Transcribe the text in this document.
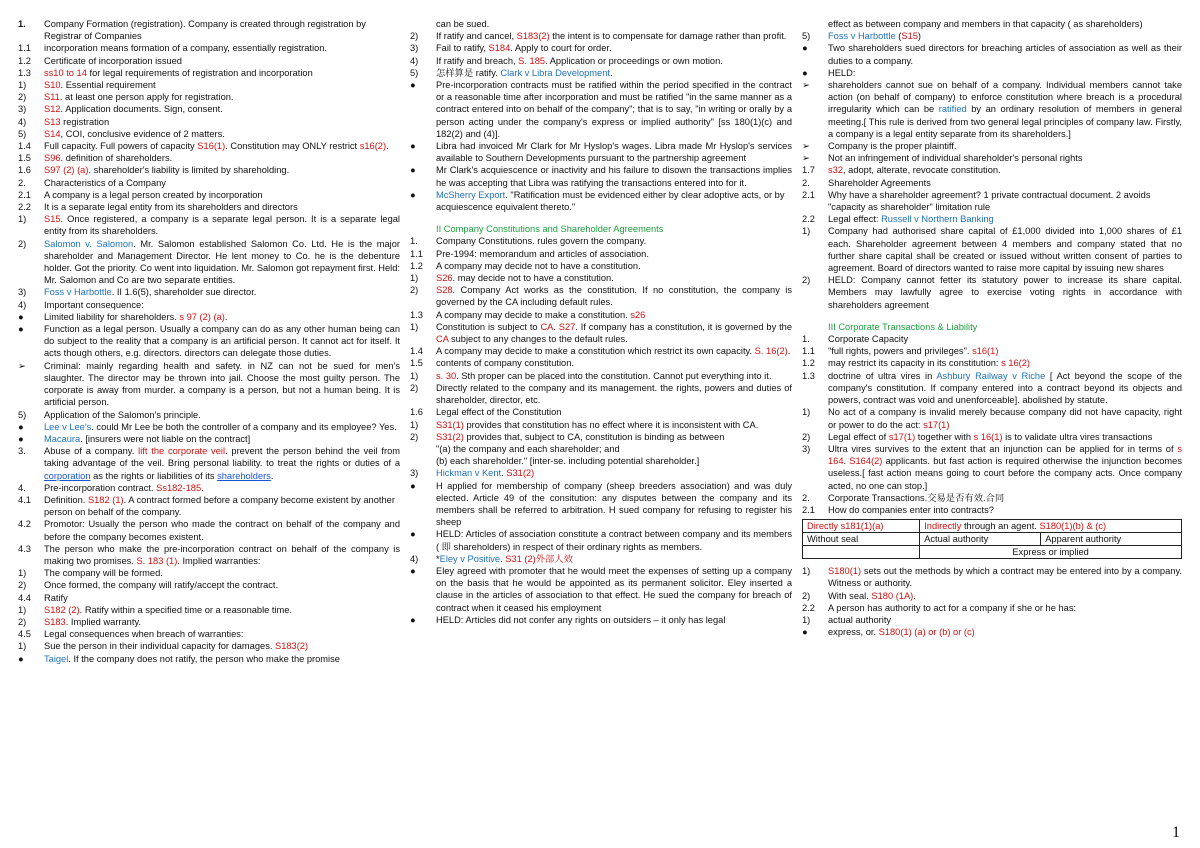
1.	Company Formation (registration). Company is created through registration by Registrar of Companies
1.1	incorporation means formation of a company, essentially registration.
1.2	Certificate of incorporation issued
1.3	ss10 to 14 for legal requirements of registration and incorporation
1)	S10. Essential requirement
2)	S11. at least one person apply for registration.
3)	S12. Application documents. Sign, consent.
4)	S13 registration
5)	S14, COI, conclusive evidence of 2 matters.
1.4	Full capacity. Full powers of capacity S16(1). Constitution may ONLY restrict s16(2).
1.5	S96. definition of shareholders.
1.6	S97 (2) (a). shareholder's liability is limited by shareholding.
2.	Characteristics of a Company
2.1	A company is a legal person created by incorporation
2.2	It is a separate legal entity from its shareholders and directors
1)	S15. Once registered, a company is a separate legal person. It is a separate legal entity from its shareholders.
2)	Salomon v. Salomon. Mr. Salomon established Salomon Co. Ltd. He is the major shareholder and Management Director. He lent money to Co. he is the debenture holder. Got the priority. Co went into liquidation. Mr. Salomon got repayment first. Held: Mr. Salomon and Co are two separate entities.
3)	Foss v Harbottle. II 1.6(5), shareholder sue director.
4)	Important consequence:
●	Limited liability for shareholders. s 97 (2) (a).
●	Function as a legal person. Usually a company can do as any other human being can do subject to the reality that a company is an artificial person. It cannot act for itself. It acts though others, e.g. directors. directors can delegate those duties.
➢	Criminal: mainly regarding health and safety. in NZ can not be sued for men's slaughter. The director may be thrown into jail. Choose the most guilty person. The corporate is away from murder. a company is a person, but not a human being. It is artificial person.
5)	Application of the Salomon's principle.
●	Lee v Lee's. could Mr Lee be both the controller of a company and its employee? Yes.
●	Macaura. [insurers were not liable on the contract]
3.	Abuse of a company. lift the corporate veil. prevent the person behind the veil from taking advantage of the veil. Bring personal liability. to treat the rights or duties of a corporation as the rights or liabilities of its shareholders.
4.	Pre-incorporation contract. Ss182-185.
4.1	Definition. S182 (1). A contract formed before a company become existent by another person on behalf of the company.
4.2	Promotor: Usually the person who made the contract on behalf of the company and before the company becomes existent.
4.3	The person who make the pre-incorporation contract on behalf of the company is making two promises. S. 183 (1). Implied warranties:
1)	The company will be formed.
2)	Once formed, the company will ratify/accept the contract.
4.4	Ratify
1)	S182 (2). Ratify within a specified time or a reasonable time.
2)	S183. Implied warranty.
4.5	Legal consequences when breach of warranties:
1)	Sue the person in their individual capacity for damages. S183(2)
●	Taigel. If the company does not ratify, the person who make the promise
can be sued.
2)	If ratify and cancel, S183(2) the intent is to compensate for damage rather than profit.
3)	Fail to ratify, S184. Apply to court for order.
4)	If ratify and breach, S. 185. Application or proceedings or own motion.
5)	怎样算是 ratify. Clark v Libra Development.
●	Pre-incorporation contracts must be ratified within the period specified in the contract or a reasonable time after incorporation and must be ratified "in the same manner as a contract entered into on behalf of the company"; that is to say, "in writing or orally by a person acting under the company's express or implied authority" [ss 180(1)(c) and 182(2) and (4)].
●	Libra had invoiced Mr Clark for Mr Hyslop's wages. Libra made Mr Hyslop's services available to Southern Developments pursuant to the partnership agreement
●	Mr Clark's acquiescence or inactivity and his failure to disown the transactions implies he was accepting that Libra was ratifying the transactions entered into for it.
●	McSherry Export. "Ratification must be evidenced either by clear adoptive acts, or by acquiescence equivalent thereto."
II Company Constitutions and Shareholder Agreements
1.	Company Constitutions. rules govern the company.
1.1	Pre-1994: memorandum and articles of association.
1.2	A company may decide not to have a constitution.
1)	S26. may decide not to have a constitution.
2)	S28. Company Act works as the constitution. If no constitution, the company is governed by the CA including default rules.
1.3	A company may decide to make a constitution. s26
1)	Constitution is subject to CA. S27. If company has a constitution, it is governed by the CA subject to any changes to the default rules.
1.4	A company may decide to make a constitution which restrict its own capacity. S. 16(2).
1.5	contents of company constitution.
1)	s. 30. Sth proper can be placed into the constitution. Cannot put everything into it.
2)	Directly related to the company and its management. the rights, powers and duties of shareholder, director, etc.
1.6	Legal effect of the Constitution
1)	S31(1) provides that constitution has no effect where it is inconsistent with CA.
2)	S31(2) provides that, subject to CA, constitution is binding as between
"(a) the company and each shareholder; and
(b) each shareholder." [inter-se. including potential shareholder.]
3)	Hickman v Kent. S31(2)
●	H applied for membership of company (sheep breeders association) and was duly elected. Article 49 of the consitution: any disputes between the company and its members shall be referred to arbitration. H sued company for refusing to register his sheep
●	HELD: Articles of association constitute a contract between company and its members ( 即 shareholders) in respect of their ordinary rights as members.
4)	*Eley v Positive. S31 (2)外部人效
●	Eley agreed with promoter that he would meet the expenses of setting up a company on the basis that he would be appointed as its permanent solicitor. Eley inserted a clause in the articles of association to that effect. He sued the company for breach of contract when it ceased his employment
●	HELD: Articles did not confer any rights on outsiders – it only has legal
effect as between company and members in that capacity ( as shareholders)
5)	Foss v Harbottle (S15)
●	Two shareholders sued directors for breaching articles of association as well as their duties to a company.
●	HELD:
➢	shareholders cannot sue on behalf of a company. Individual members cannot take action (on behalf of company) to enforce constitution where breach is a procedural irregularity which can be ratified by an ordinary resolution of members in general meeting.[ This rule is derived from two general legal principles of company law. Firstly, a company is a legal entity separate from its shareholders.]
➢	Company is the proper plaintiff.
➢	Not an infringement of individual shareholder's personal rights
1.7	s32, adopt, alterate, revocate constitution.
2.	Shareholder Agreements
2.1	Why have a shareholder agreement? 1 private contractual document. 2 avoids "capacity as shareholder" limitation rule
2.2	Legal effect: Russell v Northern Banking
1)	Company had authorised share capital of £1,000 divided into 1,000 shares of £1 each. Shareholder agreement between 4 members and company stated that no further share capital shall be created or issued without written consent of parties to agreement. Board of directors wanted to raise more capital by issuing new shares
2)	HELD: Company cannot fetter its statutory power to increase its share capital. Members may lawfully agree to exercise voting rights in accordance with shareholders agreement
III Corporate Transactions & Liability
1.	Corporate Capacity
1.1	"full rights, powers and privileges". s16(1)
1.2	may restrict its capacity in its constitution: s 16(2)
1.3	doctrine of ultra vires in Ashbury Railway v Riche [ Act beyond the scope of the company's constitution. If company entered into a contract beyond its objects and powers, contract was void and unenforceable]. abolished by statute.
1)	No act of a company is invalid merely because company did not have capacity, right or power to do the act: s17(1)
2)	Legal effect of s17(1) together with s 16(1) is to validate ultra vires transactions
3)	Ultra vires survives to the extent that an injunction can be applied for in terms of s 164. S164(2) applicants. but fast action is required otherwise the injunction becomes useless.[ fast action means going to court before the company acts. Once company acted, no one can stop.]
2.	Corporate Transactions.交易是否有效.合同
2.1	How do companies enter into contracts?
Directly s181(1)(a)	Indirectly through an agent. S180(1)(b) & (c)	
Without seal	Actual authority	Apparent authority
	Express or implied	
1)	S180(1) sets out the methods by which a contract may be entered into by a company. Witness or authority.
2)	With seal. S180 (1A).
2.2	A person has authority to act for a company if she or he has:
1)	actual authority
●	express, or. S180(1) (a) or (b) or (c)
1
